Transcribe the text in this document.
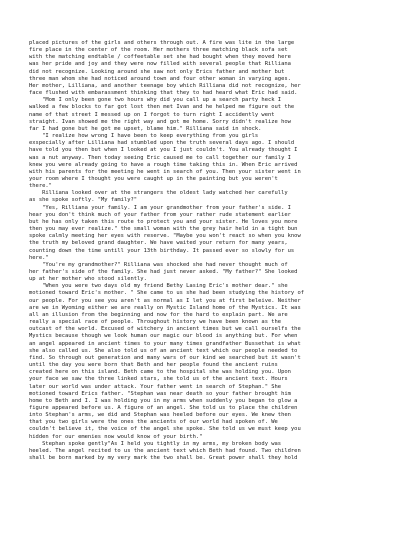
placed pictures of the girls and others through out. A fire was lite in the large
fire place in the center of the room. Her mothers three matching black sofa set
with the matching endtable / coffeetable set she had bought when they moved here
was her pride and joy and they were now filled with several people that Rilliana
did not recognize. Looking around she saw not only Erics father and mother but
three man whom she had noticed around town and four other woman in varying ages.
Her mother, Lilliana, and another teenage boy which Rilliana did not recognize, her
face flushed with embarassment thinking that they to had heard what Eric had said.
"Mom I only been gone two hours why did you call up a search party heck I
walked a few blocks to far got lost then met Ivan and he helped me figure out the
name of that street I messed up on I forgot to turn right I accidently went
straight. Ivan showed me the right way and got me home. Sorry didn't realize how
far I had gone but he got me upset, blame him." Rilliana said in shock.
"I realize how wrong I have been to keep everything from you girls
exspecially after Lilliana had stumbled upon the truth several days ago. I should
have told you then but when I looked at you I just couldn't. You already thought I
was a nut anyway. Then today seeing Eric caused me to call together our family I
knew you were already going to have a rough time taking this in. When Eric arrived
with his parents for the meeting he went in search of you. Then your sister went in
your room where I thought you were caught up in the painting but you weren't
there."
Rilliana looked over at the strangers the oldest lady watched her carefully
as she spoke softly. "My family?"
"Yes, Rilliana your family. I am your grandmother from your father's side. I
hear you don't think much of your father from your rather rude statement earlier
but he has only taken this route to protect you and your sister. He loves you more
then you may ever realize." the small woman with the grey hair held in a tight bun
spoke calmly meeting her eyes with reserve. "Maybe you won't react so when you know
the truth my beloved grand daughter. We have waited your return for many years,
counting down the time untill your 13th birthday. It passed ever so slowly for us
here."
"You're my grandmother?" Rilliana was shocked she had never thought much of
her father's side of the family. She had just never asked. "My father?" She looked
up at her mother who stood silently.
"When you were two days old my friend Bethy Lasing Eric's mother dear." she
motioned toward Eric's mother. " She came to us she had been studying the history of
our people. For you see you aren't as normal as I let you at first beleive. Neither
are we in Wyoming either we are really on Mystic Island home of the Mystics. It was
all an illusion from the beginning and now for the hard to explain part. We are
really a special race of people. Throughout history we have been known as the
outcast of the world. Excused of witchery in ancient times but we call ourselfs the
Mystics because though we look human our magic our blood is anything but. For when
an angel appeared in ancient times to your many times grandfather Bussethat is what
she also called us. She also told us of an ancient text which our people needed to
find. So through out generation and many wars of our kind we searched but it wasn't
until the day you were born that Beth and her people found the ancient ruins
created here on this island. Beth came to the hospital she was holding you. Upon
your face we saw the three linked stars, she told us of the ancient text. Hours
later our world was under attack. Your father went in search of Stephan." She
motioned toward Erics father. "Stephan was near death so your father brought him
home to Beth and I. I was holding you in my arms when suddenly you began to glow a
figure appeared before us. A figure of an angel. She told us to place the children
into Stephan's arms, we did and Stephan was heeled before our eyes. We knew then
that you two girls were the ones the ancients of our world had spoken of. We
couldn't believe it, the voice of the angel she spoke. She told us we must keep you
hidden for our emenies now would know of your birth."
Stephan spoke gently"As I held you tightly in my arms, my broken body was
heeled. The angel recited to us the ancient text which Beth had found. Two children
shall be born marked by my very mark the two shall be. Great power shall they hold
